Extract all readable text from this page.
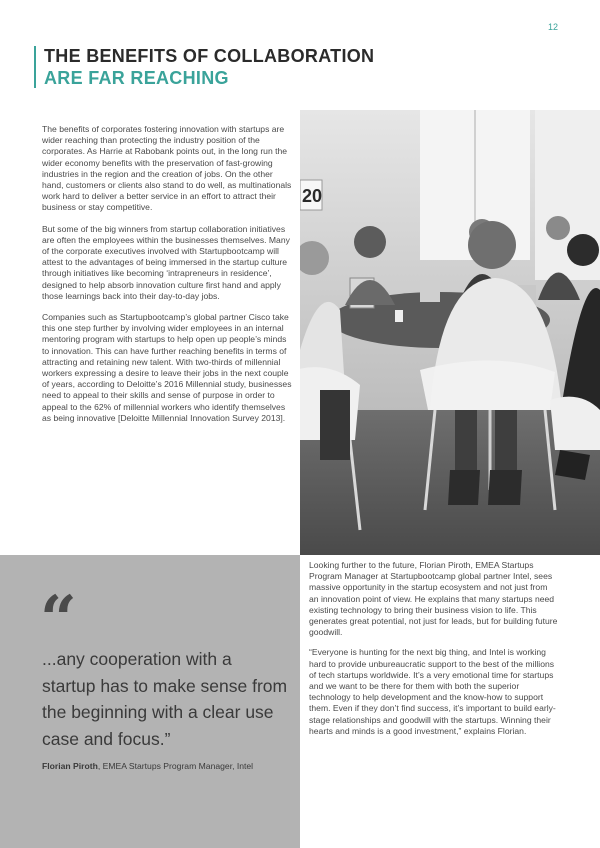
12
THE BENEFITS OF COLLABORATION
ARE FAR REACHING

The benefits of corporates fostering innovation with startups are wider reaching than protecting the industry position of the corporates. As Harrie at Rabobank points out, in the long run the wider economy benefits with the preservation of fast-growing industries in the region and the creation of jobs. On the other hand, customers or clients also stand to do well, as multinationals work hard to deliver a better service in an effort to attract their business or stay competitive.

But some of the big winners from startup collaboration initiatives are often the employees within the businesses themselves. Many of the corporate executives involved with Startupbootcamp will attest to the advantages of being immersed in the startup culture through initiatives like becoming ‘intrapreneurs in residence’, designed to help absorb innovation culture first hand and apply those learnings back into their day-to-day jobs.

Companies such as Startupbootcamp’s global partner Cisco take this one step further by involving wider employees in an internal mentoring program with startups to help open up people’s minds to innovation. This can have further reaching benefits in terms of attracting and retaining new talent. With two-thirds of millennial workers expressing a desire to leave their jobs in the next couple of years, according to Deloitte’s 2016 Millennial study, businesses need to appeal to their skills and sense of purpose in order to appeal to the 62% of millennial workers who identify themselves as being innovative [Deloitte Millennial Innovation Survey 2013].

20
“
...any cooperation with a startup has to make sense from the beginning with a clear use case and focus.”
Florian Piroth, EMEA Startups Program Manager, Intel

Looking further to the future, Florian Piroth, EMEA Startups Program Manager at Startupbootcamp global partner Intel, sees massive opportunity in the startup ecosystem and not just from an innovation point of view. He explains that many startups need existing technology to bring their business vision to life. This generates great potential, not just for leads, but for building future goodwill.

“Everyone is hunting for the next big thing, and Intel is working hard to provide unbureaucratic support to the best of the millions of tech startups worldwide. It’s a very emotional time for startups and we want to be there for them with both the superior technology to help development and the know-how to support them. Even if they don’t find success, it’s important to build early-stage relationships and goodwill with the startups. Winning their hearts and minds is a good investment,” explains Florian.
